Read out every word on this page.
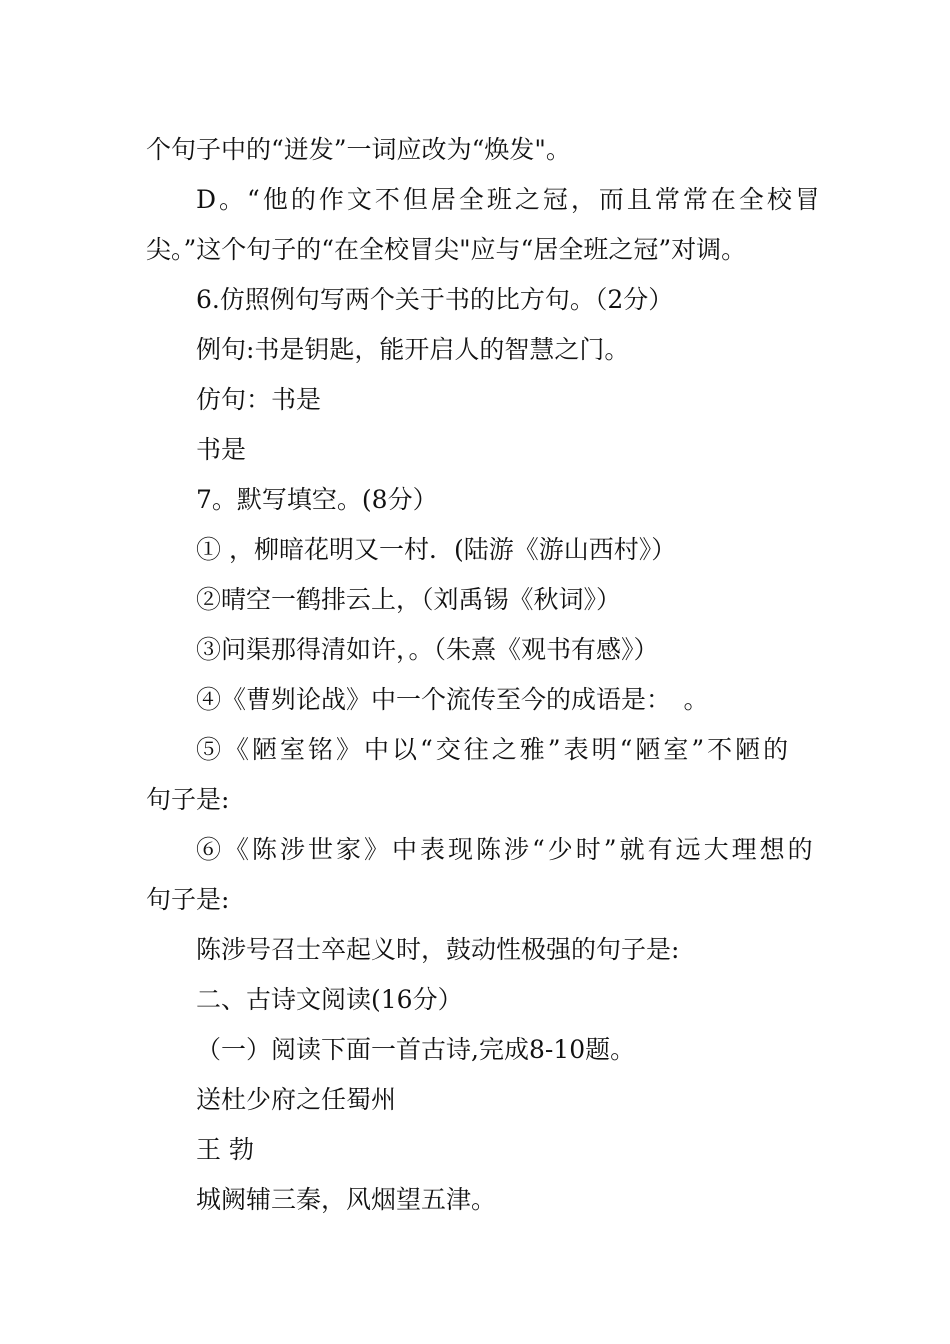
个句子中的“迸发”一词应改为“焕发"。
D。“他的作文不但居全班之冠，而且常常在全校冒
尖。”这个句子的“在全校冒尖"应与“居全班之冠”对调。
6.仿照例句写两个关于书的比方句。（2分）
例句:书是钥匙，能开启人的智慧之门。
仿句：书是
书是
7。默写填空。(8分）
① ，柳暗花明又一村．(陆游《游山西村》）
②晴空一鹤排云上，（刘禹锡《秋词》）
③问渠那得清如许，。（朱熹《观书有感》）
④《曹刿论战》中一个流传至今的成语是：　。
⑤《陋室铭》中以“交往之雅”表明“陋室”不陋的
句子是:
⑥《陈涉世家》中表现陈涉“少时”就有远大理想的
句子是:
陈涉号召士卒起义时，鼓动性极强的句子是:
二、古诗文阅读(16分）
（一）阅读下面一首古诗,完成8-10题。
送杜少府之任蜀州
王 勃
城阙辅三秦，风烟望五津。
